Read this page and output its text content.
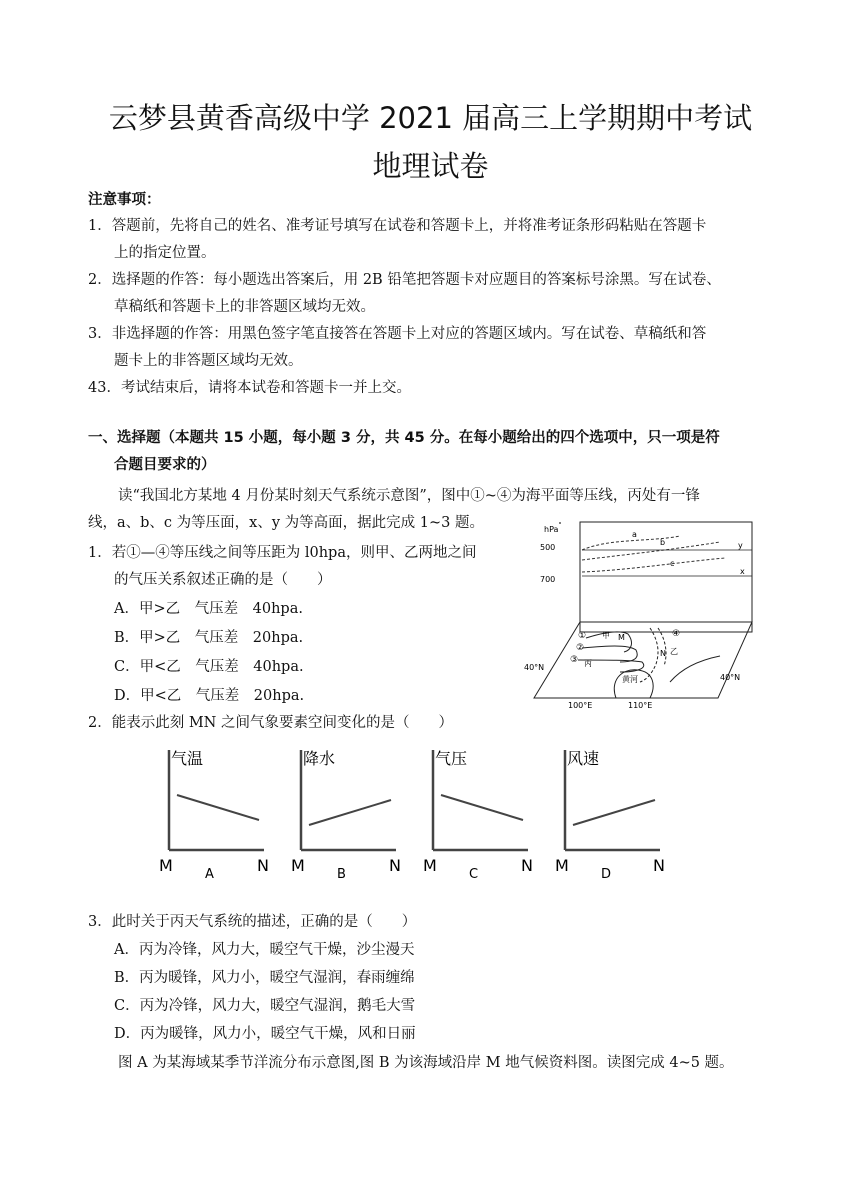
云梦县黄香高级中学 2021 届高三上学期期中考试
地理试卷
注意事项：
1．答题前，先将自己的姓名、准考证号填写在试卷和答题卡上，并将准考证条形码粘贴在答题卡
上的指定位置。
2．选择题的作答：每小题选出答案后，用 2B 铅笔把答题卡对应题目的答案标号涂黑。写在试卷、
草稿纸和答题卡上的非答题区域均无效。
3．非选择题的作答：用黑色签字笔直接答在答题卡上对应的答题区域内。写在试卷、草稿纸和答
题卡上的非答题区域均无效。
43．考试结束后，请将本试卷和答题卡一并上交。
一、选择题（本题共 15 小题，每小题 3 分，共 45 分。在每小题给出的四个选项中，只一项是符
合题目要求的）
读“我国北方某地 4 月份某时刻天气系统示意图”，图中①~④为海平面等压线，丙处有一锋
线，a、b、c 为等压面，x、y 为等高面，据此完成 1~3 题。
1．若①—④等压线之间等压距为 l0hpa，则甲、乙两地之间
的气压关系叙述正确的是（　　）
A．甲>乙　气压差　40hpa.
B．甲>乙　气压差　20hpa.
C．甲<乙　气压差　40hpa.
D．甲<乙　气压差　20hpa.
hPa
500
700
a
b
c
y
x
①
②
③
④
甲 M
N 乙
丙
黄河
40°N
40°N
100°E	110°E
2．能表示此刻 MN 之间气象要素空间变化的是（　　）
气温
M	N
A
降水
M	N
B
气压
M	N
C
风速
M	N
D
3．此时关于丙天气系统的描述，正确的是（　　）
A．丙为冷锋，风力大，暖空气干燥，沙尘漫天
B．丙为暖锋，风力小，暖空气湿润，春雨缠绵
C．丙为冷锋，风力大，暖空气湿润，鹅毛大雪
D．丙为暖锋，风力小，暖空气干燥，风和日丽
图 A 为某海域某季节洋流分布示意图,图 B 为该海域沿岸 M 地气候资料图。读图完成 4~5 题。
